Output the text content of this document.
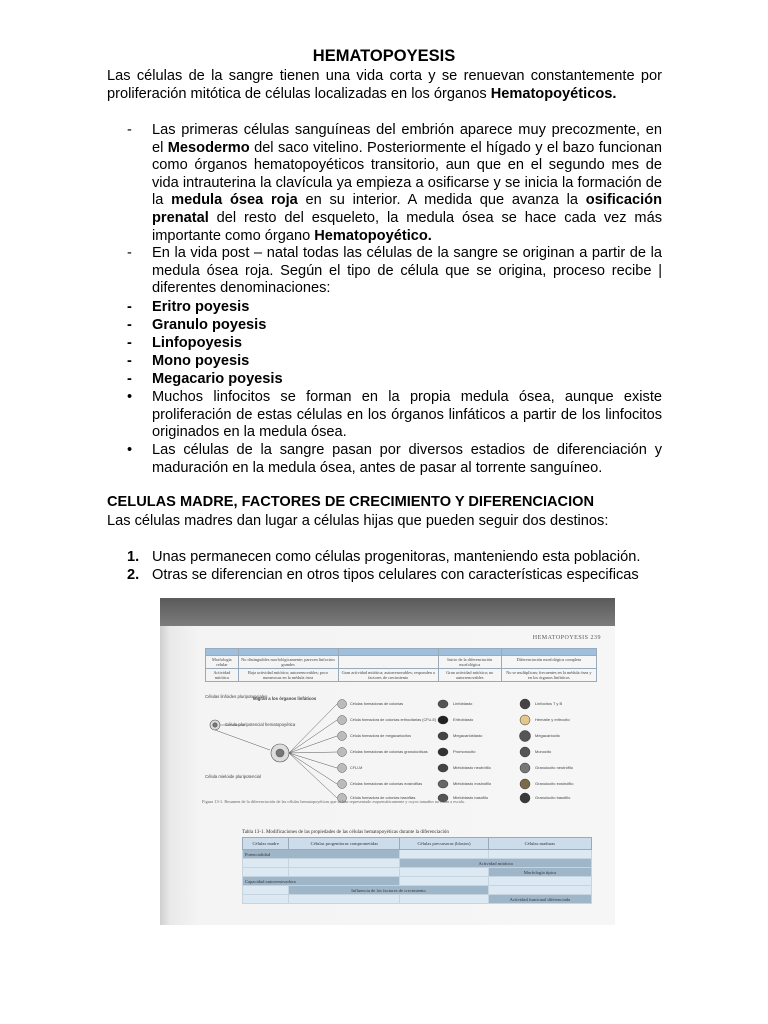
HEMATOPOYESIS
Las células de la sangre tienen una vida corta y se renuevan constantemente por proliferación mitótica de células localizadas en los órganos Hematopoyéticos.
-	Las primeras células sanguíneas del embrión aparece muy precozmente, en el Mesodermo del saco vitelino. Posteriormente el hígado y el bazo funcionan como órganos hematopoyéticos transitorio, aun que en el segundo mes de vida intrauterina la clavícula ya empieza a osificarse y se inicia la formación de la medula ósea roja en su interior. A medida que avanza la osificación prenatal del resto del esqueleto, la medula ósea se hace cada vez más importante como órgano Hematopoyético.
-	En la vida post – natal todas las células de la sangre se originan a partir de la medula ósea roja. Según el tipo de célula que se origina, proceso recibe | diferentes denominaciones:
-	Eritro poyesis
-	Granulo poyesis
-	Linfopoyesis
-	Mono poyesis
-	Megacario poyesis
•	Muchos linfocitos se forman en la propia medula ósea, aunque existe proliferación de estas células en los órganos linfáticos a partir de los linfocitos originados en la medula ósea.
•	Las células de la sangre pasan por diversos estadios de diferenciación y maduración en la medula ósea, antes de pasar al torrente sanguíneo.
CELULAS MADRE, FACTORES DE CRECIMIENTO Y DIFERENCIACION
Las células madres dan lugar a células hijas que pueden seguir dos destinos:
1. Unas permanecen como células progenitoras, manteniendo esta población.
2. Otras se diferencian en otros tipos celulares con características especificas
HEMATOPOYESIS 239

Morfología celular	No distinguibles morfológicamente; parecen linfocitos grandes		Inicio de la diferenciación morfológica	Diferenciación morfológica completa
Actividad mitótica	Baja actividad mitótica; autorrenovables; poco numerosas en la médula ósea	Gran actividad mitótica; autorrenovables; responden a factores de crecimiento	Gran actividad mitótica; no autorrenovables	No se multiplican; frecuentes en la médula ósea y en los órganos linfáticos
Células linfoides pluripotenciales
Célula pluripotencial hematopoyética
Célula mieloide pluripotencial
Migran a los órganos linfáticos
Células formadoras de colonias
Célula formadora de colonias eritrocitarias (CFU-E)
Célula formadora de megacariocitos
Células formadoras de colonias granulocíticas
CFU-M
Células formadoras de colonias eosinófilas
Célula formadora de colonias basófilas
Linfoblasto
Eritroblasto
Megacarioblasto
Promonocito
Mieloblasto neutrófilo
Mieloblasto eosinófilo
Mieloblasto basófilo
Linfocitos T y B
Hematíe y eritrocito
Megacariocito
Monocito
Granulocito neutrófilo
Granulocito eosinófilo
Granulocito basófilo
Figura 13-1. Resumen de la diferenciación de las células hematopoyéticas que se han representado esquemáticamente y cuyos tamaños no están a escala.
Tabla 13-1. Modificaciones de las propiedades de las células hematopoyéticas durante la diferenciación
Células madre	Células progenitoras comprometidas	Células precursoras (blastos)	Células maduras
Potencialidad			
		Actividad mitótica	
			Morfología típica
Capacidad autorrenovadora			
	Influencia de los factores de crecimiento		
			Actividad funcional diferenciada
